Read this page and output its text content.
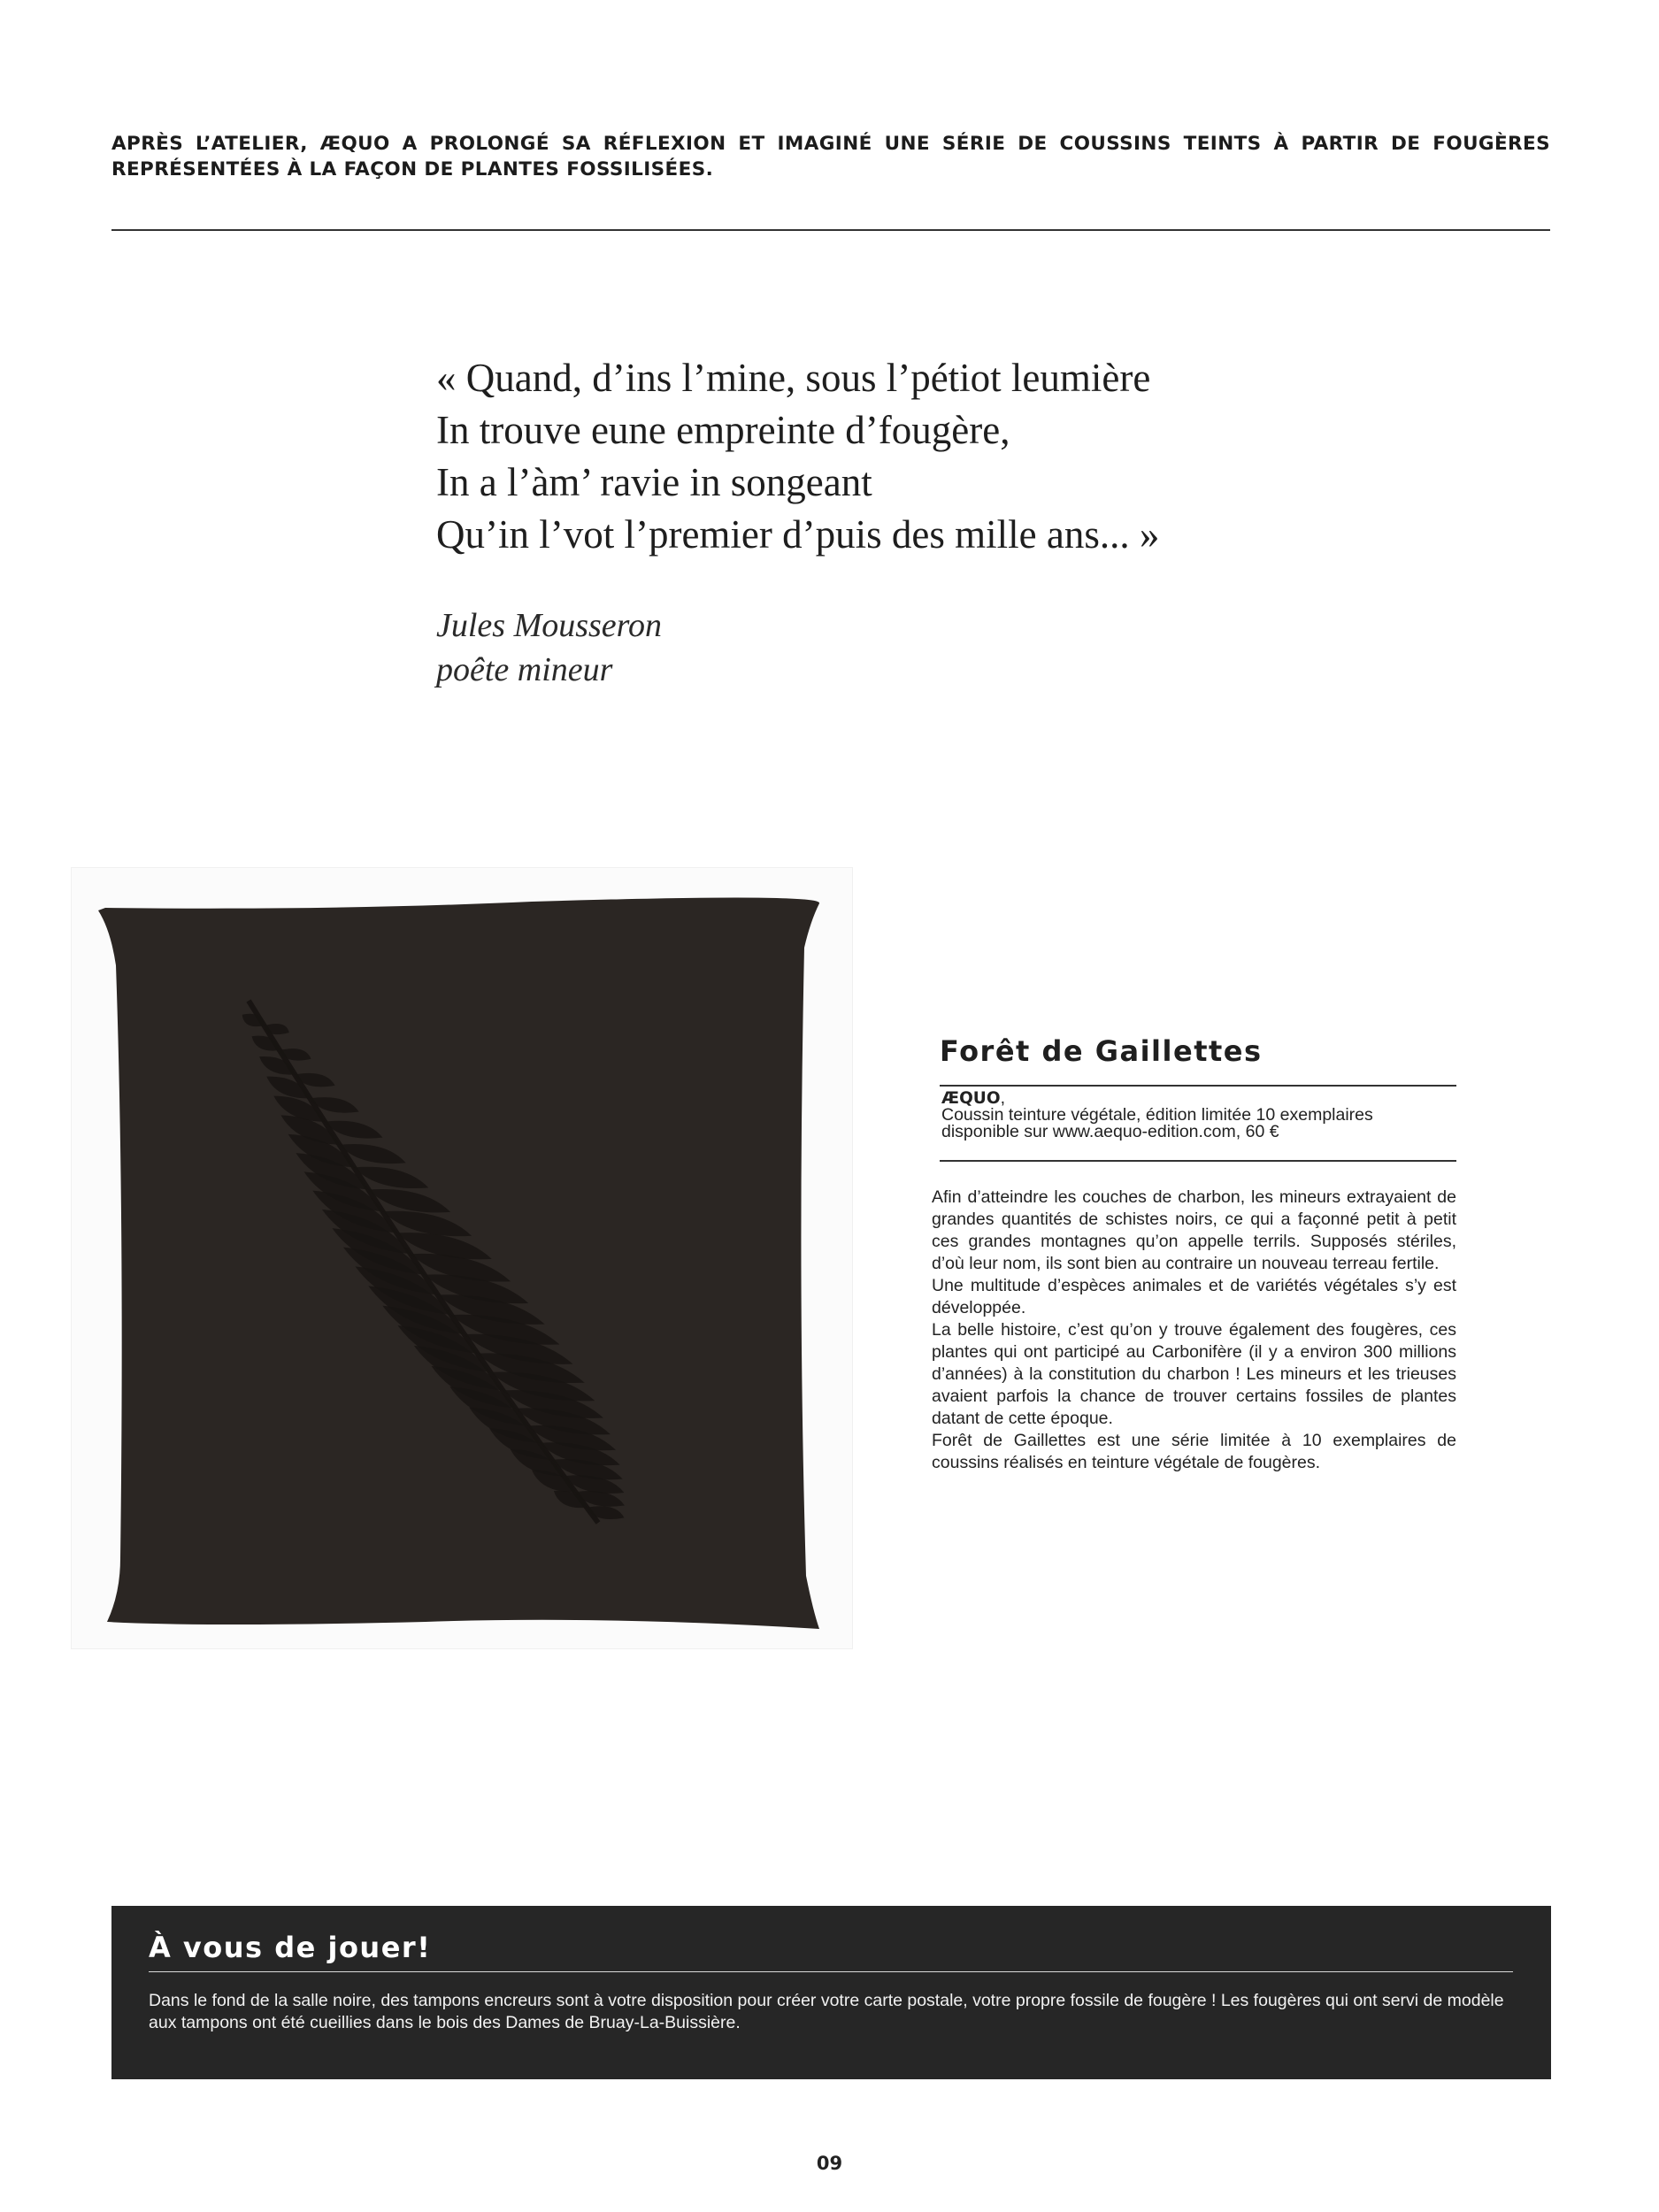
APRÈS L’ATELIER, ÆQUO A PROLONGÉ SA RÉFLEXION ET IMAGINÉ UNE SÉRIE DE COUSSINS TEINTS À PARTIR DE FOUGÈRES REPRÉSENTÉES À LA FAÇON DE PLANTES FOSSILISÉES.
« Quand, d’ins l’mine, sous l’pétiot leumière
In trouve eune empreinte d’fougère,
In a l’àm’ ravie in songeant
Qu’in l’vot l’premier d’puis des mille ans... »
Jules Mousseron
poête mineur
Forêt de Gaillettes
ÆQUO,
Coussin teinture végétale, édition limitée 10 exemplaires
disponible sur www.aequo-edition.com, 60 €

Afin d’atteindre les couches de charbon, les mineurs extrayaient de grandes quantités de schistes noirs, ce qui a façonné petit à petit ces grandes montagnes qu’on appelle terrils. Supposés stériles, d’où leur nom, ils sont bien au contraire un nouveau terreau fertile.

Une multitude d’espèces animales et de variétés végétales s’y est développée.

La belle histoire, c’est qu’on y trouve également des fougères, ces plantes qui ont participé au Carbonifère (il y a environ 300 millions d’années) à la constitution du charbon ! Les mineurs et les trieuses avaient parfois la chance de trouver certains fossiles de plantes datant de cette époque.

Forêt de Gaillettes est une série limitée à 10 exemplaires de coussins réalisés en teinture végétale de fougères.

À vous de jouer!
Dans le fond de la salle noire, des tampons encreurs sont à votre disposition pour créer votre carte postale, votre propre fossile de fougère ! Les fougères qui ont servi de modèle aux tampons ont été cueillies dans le bois des Dames de Bruay-La-Buissière.
09
